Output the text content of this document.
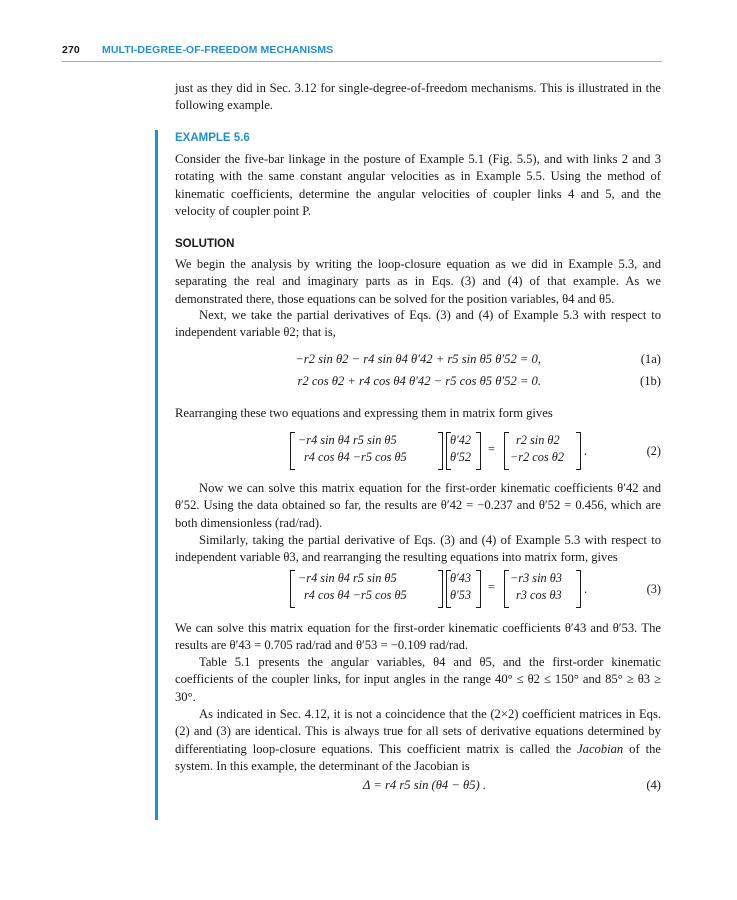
270 MULTI-DEGREE-OF-FREEDOM MECHANISMS
just as they did in Sec. 3.12 for single-degree-of-freedom mechanisms. This is illustrated in the following example.
EXAMPLE 5.6
Consider the five-bar linkage in the posture of Example 5.1 (Fig. 5.5), and with links 2 and 3 rotating with the same constant angular velocities as in Example 5.5. Using the method of kinematic coefficients, determine the angular velocities of coupler links 4 and 5, and the velocity of coupler point P.
SOLUTION
We begin the analysis by writing the loop-closure equation as we did in Example 5.3, and separating the real and imaginary parts as in Eqs. (3) and (4) of that example. As we demonstrated there, those equations can be solved for the position variables, θ4 and θ5.
Next, we take the partial derivatives of Eqs. (3) and (4) of Example 5.3 with respect to independent variable θ2; that is,
−r2 sin θ2 − r4 sin θ4 θ′42 + r5 sin θ5 θ′52 = 0,	(1a)
r2 cos θ2 + r4 cos θ4 θ′42 − r5 cos θ5 θ′52 = 0.	(1b)
Rearranging these two equations and expressing them in matrix form gives
−r4 sin θ4 r5 sin θ5
r4 cos θ4 −r5 cos θ5
θ′42
θ′52
=
r2 sin θ2
−r2 cos θ2 .	(2)
Now we can solve this matrix equation for the first-order kinematic coefficients θ′42 and θ′52. Using the data obtained so far, the results are θ′42 = −0.237 and θ′52 = 0.456, which are both dimensionless (rad/rad).
Similarly, taking the partial derivative of Eqs. (3) and (4) of Example 5.3 with respect to independent variable θ3, and rearranging the resulting equations into matrix form, gives
−r4 sin θ4 r5 sin θ5
r4 cos θ4 −r5 cos θ5
θ′43
θ′53
=
−r3 sin θ3
r3 cos θ3 .	(3)
We can solve this matrix equation for the first-order kinematic coefficients θ′43 and θ′53. The results are θ′43 = 0.705 rad/rad and θ′53 = −0.109 rad/rad.
Table 5.1 presents the angular variables, θ4 and θ5, and the first-order kinematic coefficients of the coupler links, for input angles in the range 40° ≤ θ2 ≤ 150° and 85° ≥ θ3 ≥ 30°.
As indicated in Sec. 4.12, it is not a coincidence that the (2×2) coefficient matrices in Eqs. (2) and (3) are identical. This is always true for all sets of derivative equations determined by differentiating loop-closure equations. This coefficient matrix is called the Jacobian of the system. In this example, the determinant of the Jacobian is
Δ = r4 r5 sin (θ4 − θ5) .	(4)
